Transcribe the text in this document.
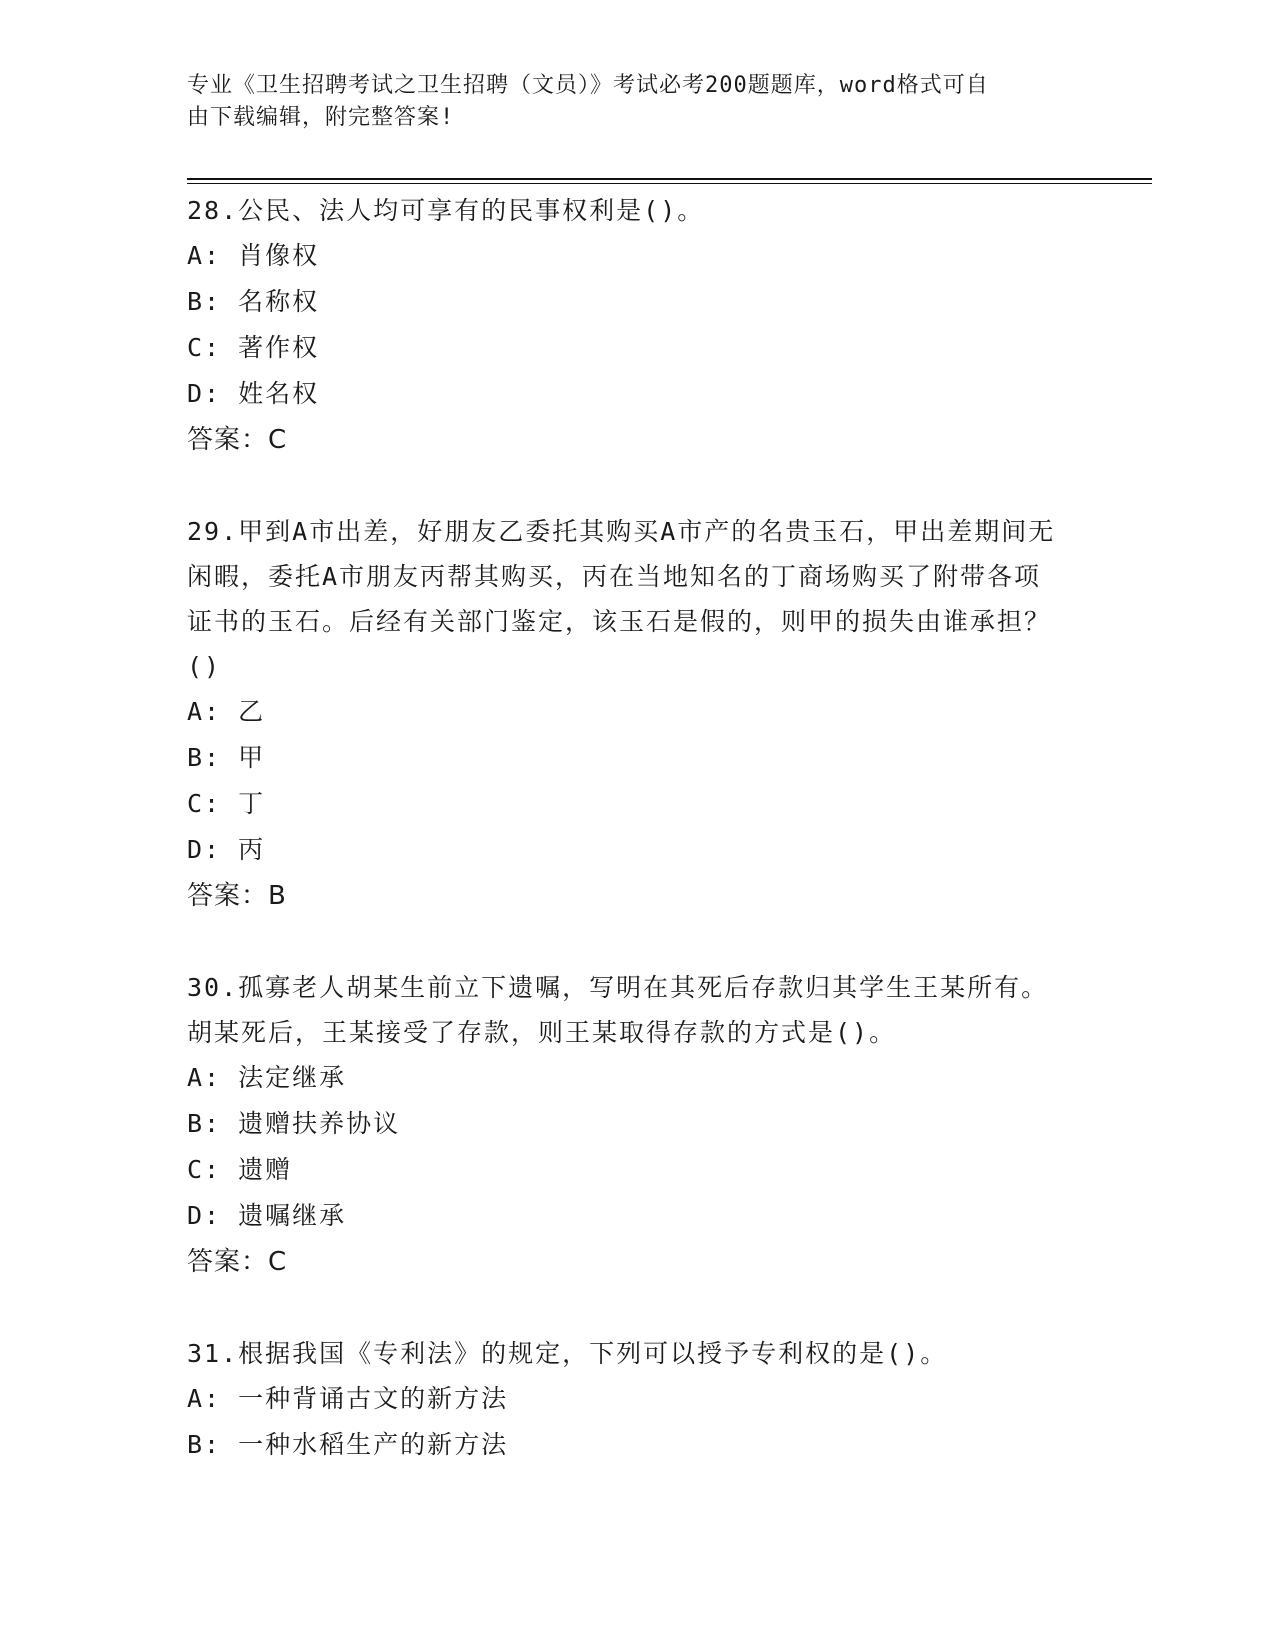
专业《卫生招聘考试之卫生招聘（文员）》考试必考200题题库，word格式可自
由下载编辑，附完整答案!
28.公民、法人均可享有的民事权利是()。
A: 肖像权
B: 名称权
C: 著作权
D: 姓名权
答案：C
29.甲到A市出差，好朋友乙委托其购买A市产的名贵玉石，甲出差期间无闲暇，委托A市朋友丙帮其购买，丙在当地知名的丁商场购买了附带各项证书的玉石。后经有关部门鉴定，该玉石是假的，则甲的损失由谁承担？()
A: 乙
B: 甲
C: 丁
D: 丙
答案：B
30.孤寡老人胡某生前立下遗嘱，写明在其死后存款归其学生王某所有。胡某死后，王某接受了存款，则王某取得存款的方式是()。
A: 法定继承
B: 遗赠扶养协议
C: 遗赠
D: 遗嘱继承
答案：C
31.根据我国《专利法》的规定，下列可以授予专利权的是()。
A: 一种背诵古文的新方法
B: 一种水稻生产的新方法
